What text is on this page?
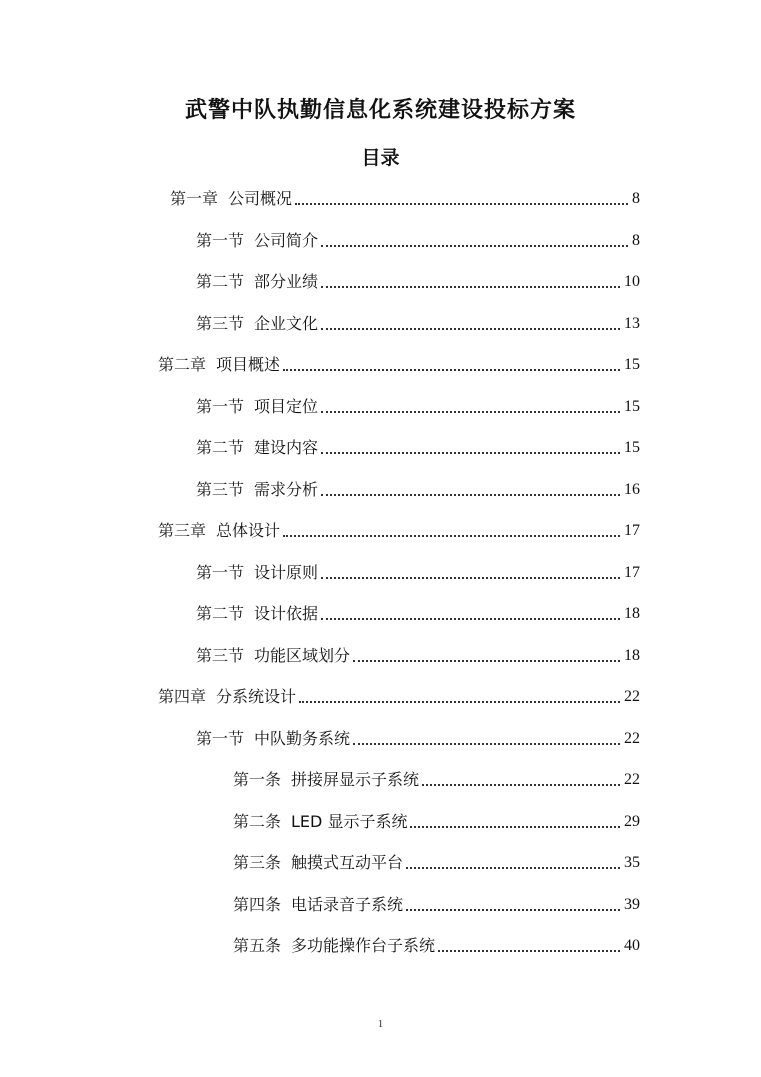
武警中队执勤信息化系统建设投标方案
目录
第一章 公司概况	8
第一节 公司简介	8
第二节 部分业绩	10
第三节 企业文化	13
第二章 项目概述	15
第一节 项目定位	15
第二节 建设内容	15
第三节 需求分析	16
第三章 总体设计	17
第一节 设计原则	17
第二节 设计依据	18
第三节 功能区域划分	18
第四章 分系统设计	22
第一节 中队勤务系统	22
第一条 拼接屏显示子系统	22
第二条 LED 显示子系统	29
第三条 触摸式互动平台	35
第四条 电话录音子系统	39
第五条 多功能操作台子系统	40
1
